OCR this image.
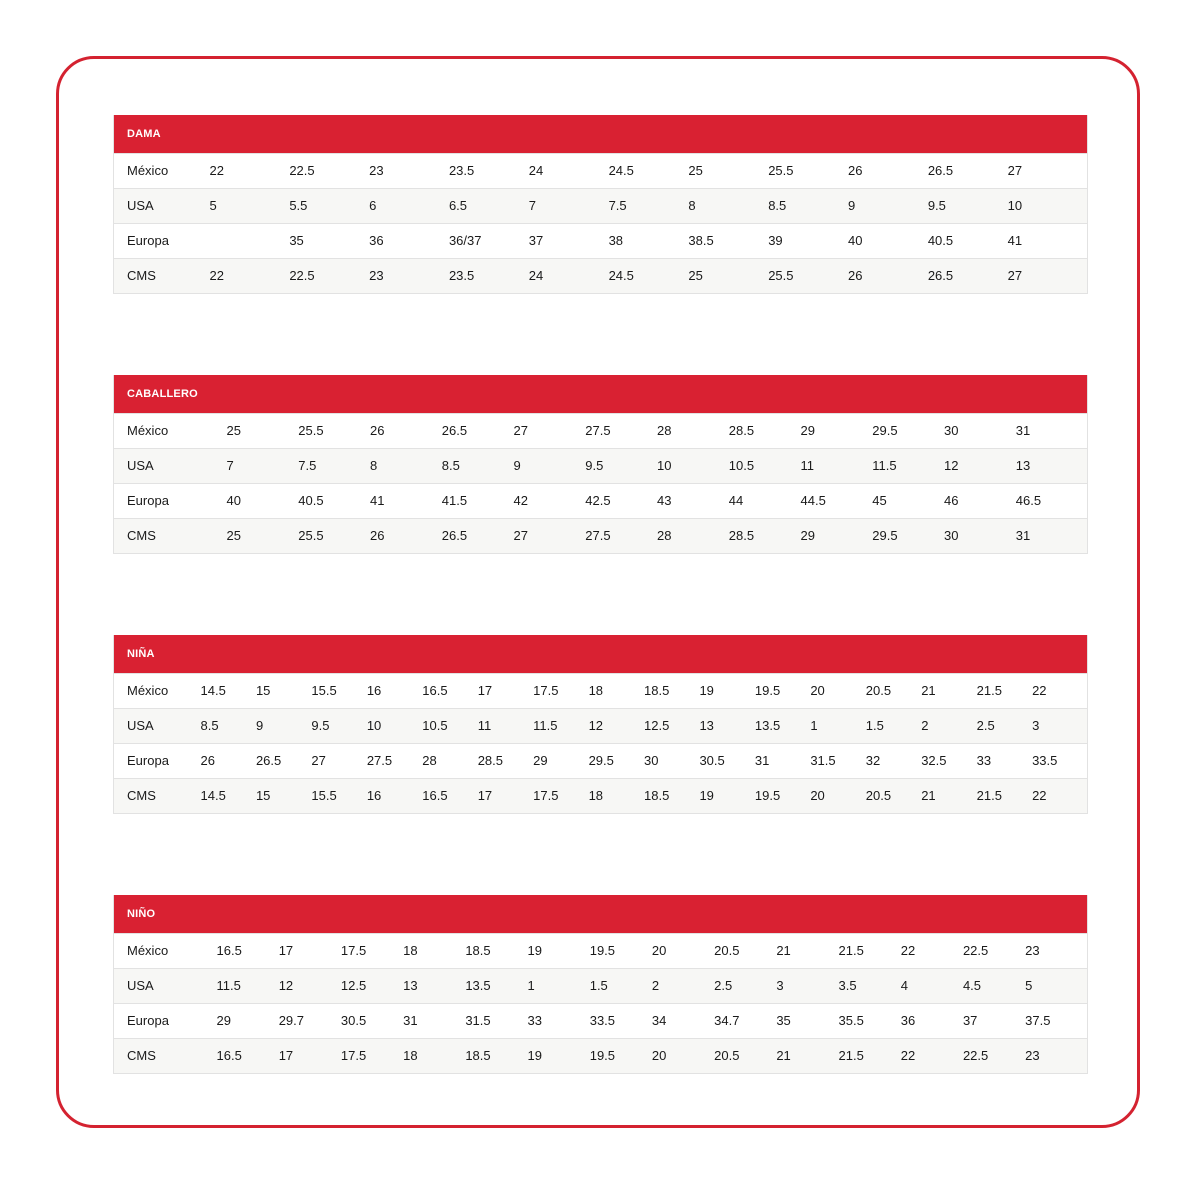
DAMA											
México	22	22.5	23	23.5	24	24.5	25	25.5	26	26.5	27
USA	5	5.5	6	6.5	7	7.5	8	8.5	9	9.5	10
Europa		35	36	36/37	37	38	38.5	39	40	40.5	41
CMS	22	22.5	23	23.5	24	24.5	25	25.5	26	26.5	27
CABALLERO												
México	25	25.5	26	26.5	27	27.5	28	28.5	29	29.5	30	31
USA	7	7.5	8	8.5	9	9.5	10	10.5	11	11.5	12	13
Europa	40	40.5	41	41.5	42	42.5	43	44	44.5	45	46	46.5
CMS	25	25.5	26	26.5	27	27.5	28	28.5	29	29.5	30	31
NIÑA																
México	14.5	15	15.5	16	16.5	17	17.5	18	18.5	19	19.5	20	20.5	21	21.5	22
USA	8.5	9	9.5	10	10.5	11	11.5	12	12.5	13	13.5	1	1.5	2	2.5	3
Europa	26	26.5	27	27.5	28	28.5	29	29.5	30	30.5	31	31.5	32	32.5	33	33.5
CMS	14.5	15	15.5	16	16.5	17	17.5	18	18.5	19	19.5	20	20.5	21	21.5	22
NIÑO														
México	16.5	17	17.5	18	18.5	19	19.5	20	20.5	21	21.5	22	22.5	23
USA	11.5	12	12.5	13	13.5	1	1.5	2	2.5	3	3.5	4	4.5	5
Europa	29	29.7	30.5	31	31.5	33	33.5	34	34.7	35	35.5	36	37	37.5
CMS	16.5	17	17.5	18	18.5	19	19.5	20	20.5	21	21.5	22	22.5	23
